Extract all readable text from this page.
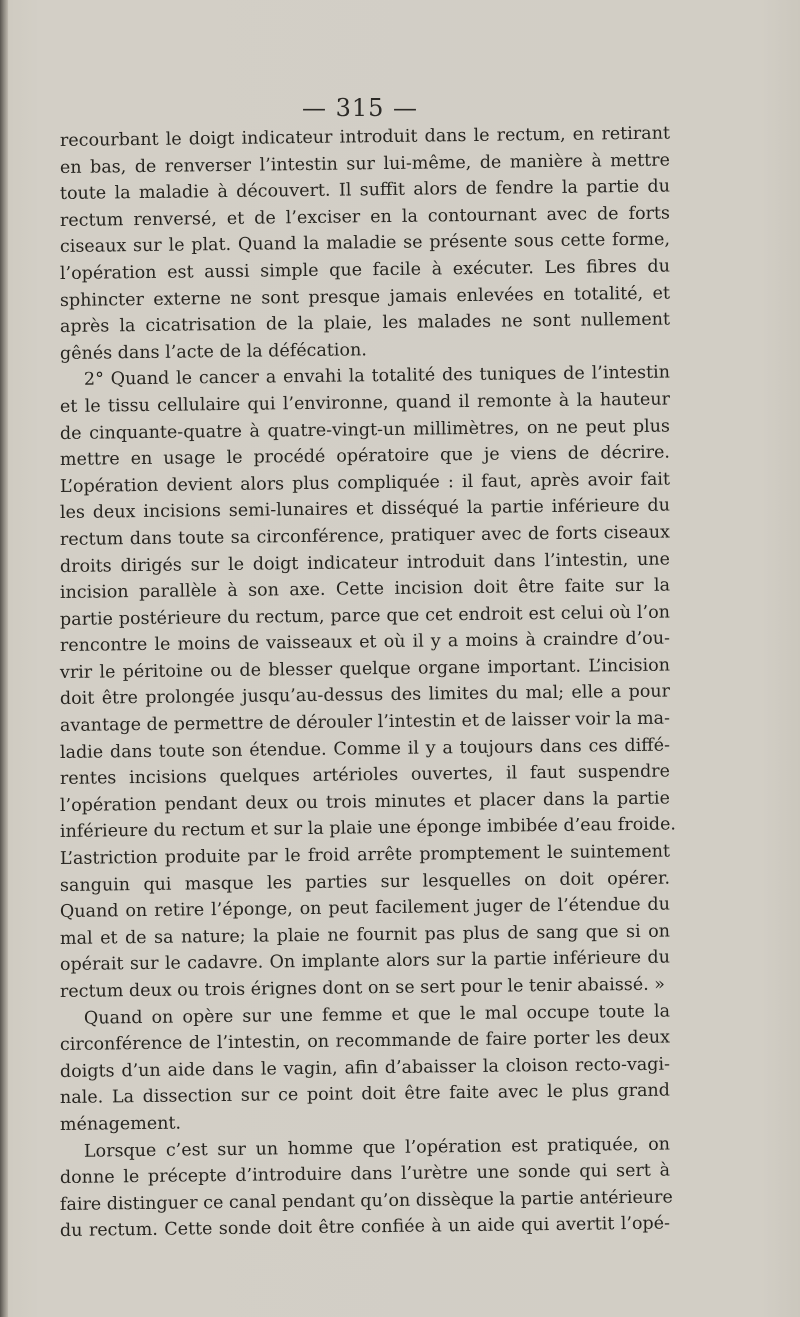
— 315 —
recourbant le doigt indicateur introduit dans le rectum, en retirant
en bas, de renverser l’intestin sur lui-même, de manière à mettre
toute la maladie à découvert. Il suffit alors de fendre la partie du
rectum renversé, et de l’exciser en la contournant avec de forts
ciseaux sur le plat. Quand la maladie se présente sous cette forme,
l’opération est aussi simple que facile à exécuter. Les fibres du
sphincter externe ne sont presque jamais enlevées en totalité, et
après la cicatrisation de la plaie, les malades ne sont nullement
gênés dans l’acte de la défécation.
2° Quand le cancer a envahi la totalité des tuniques de l’intestin
et le tissu cellulaire qui l’environne, quand il remonte à la hauteur
de cinquante-quatre à quatre-vingt-un millimètres, on ne peut plus
mettre en usage le procédé opératoire que je viens de décrire.
L’opération devient alors plus compliquée : il faut, après avoir fait
les deux incisions semi-lunaires et disséqué la partie inférieure du
rectum dans toute sa circonférence, pratiquer avec de forts ciseaux
droits dirigés sur le doigt indicateur introduit dans l’intestin, une
incision parallèle à son axe. Cette incision doit être faite sur la
partie postérieure du rectum, parce que cet endroit est celui où l’on
rencontre le moins de vaisseaux et où il y a moins à craindre d’ou-
vrir le péritoine ou de blesser quelque organe important. L’incision
doit être prolongée jusqu’au-dessus des limites du mal; elle a pour
avantage de permettre de dérouler l’intestin et de laisser voir la ma-
ladie dans toute son étendue. Comme il y a toujours dans ces diffé-
rentes incisions quelques artérioles ouvertes, il faut suspendre
l’opération pendant deux ou trois minutes et placer dans la partie
inférieure du rectum et sur la plaie une éponge imbibée d’eau froide.
L’astriction produite par le froid arrête promptement le suintement
sanguin qui masque les parties sur lesquelles on doit opérer.
Quand on retire l’éponge, on peut facilement juger de l’étendue du
mal et de sa nature; la plaie ne fournit pas plus de sang que si on
opérait sur le cadavre. On implante alors sur la partie inférieure du
rectum deux ou trois érignes dont on se sert pour le tenir abaissé. »
Quand on opère sur une femme et que le mal occupe toute la
circonférence de l’intestin, on recommande de faire porter les deux
doigts d’un aide dans le vagin, afin d’abaisser la cloison recto-vagi-
nale. La dissection sur ce point doit être faite avec le plus grand
ménagement.
Lorsque c’est sur un homme que l’opération est pratiquée, on
donne le précepte d’introduire dans l’urètre une sonde qui sert à
faire distinguer ce canal pendant qu’on dissèque la partie antérieure
du rectum. Cette sonde doit être confiée à un aide qui avertit l’opé-
